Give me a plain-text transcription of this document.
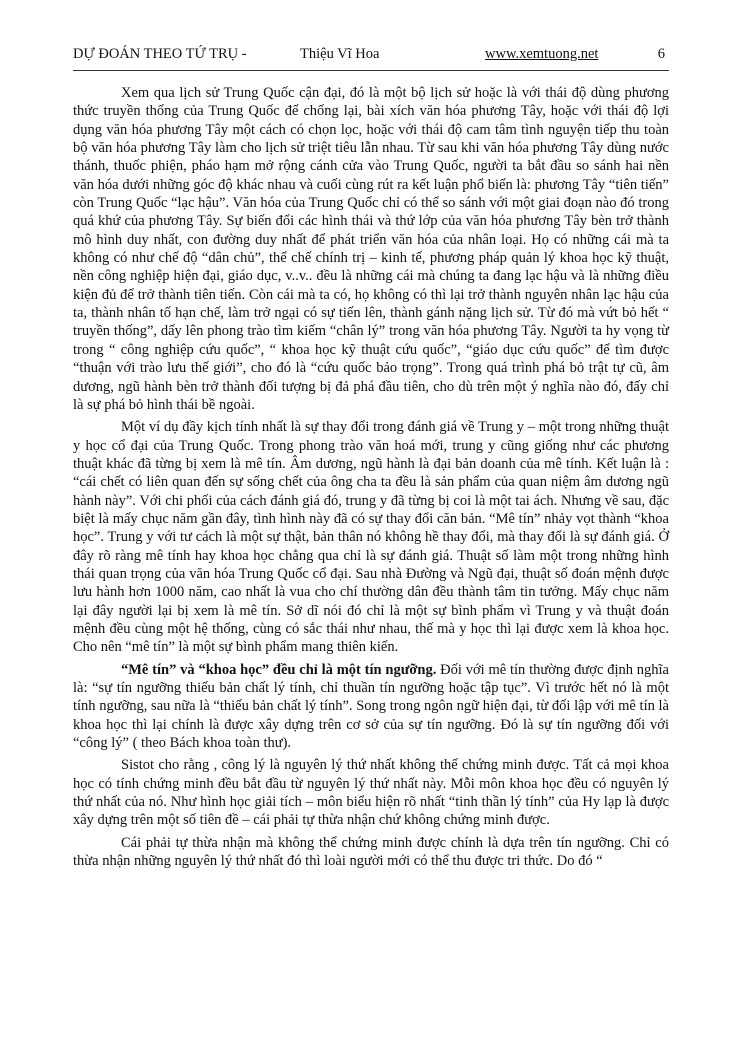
DỰ ĐOÁN THEO TỨ TRỤ -	Thiệu Vĩ Hoa	www.xemtuong.net	6

Xem qua lịch sử Trung Quốc cận đại, đó là một bộ lịch sử hoặc là với thái độ dùng phương thức truyền thống của Trung Quốc để chống lại, bài xích văn hóa phương Tây, hoặc với thái độ lợi dụng văn hóa phương Tây một cách có chọn lọc, hoặc với thái độ cam tâm tình nguyện tiếp thu toàn bộ văn hóa phương Tây làm cho lịch sử triệt tiêu lẫn nhau. Từ sau khi văn hóa phương Tây dùng nước thánh, thuốc phiện, pháo hạm mở rộng cánh cửa vào Trung Quốc, người ta bắt đầu so sánh hai nền văn hóa dưới những góc độ khác nhau và cuối cùng rút ra kết luận phổ biến là: phương Tây “tiên tiến” còn Trung Quốc “lạc hậu”. Văn hóa của Trung Quốc chỉ có thể so sánh với một giai đoạn nào đó trong quá khứ của phương Tây. Sự biến đổi các hình thái và thứ lớp của văn hóa phương Tây bèn trở thành mô hình duy nhất, con đường duy nhất để phát triển văn hóa của nhân loại. Họ có những cái mà ta không có như chế độ “dân chủ”, thể chế chính trị – kinh tế, phương pháp quản lý khoa học kỹ thuật, nền công nghiệp hiện đại, giáo dục, v..v.. đều là những cái mà chúng ta đang lạc hậu và là những điều kiện đủ để trở thành tiên tiến. Còn cái mà ta có, họ không có thì lại trở thành nguyên nhân lạc hậu của ta, thành nhân tố hạn chế, làm trở ngại có sự tiến lên, thành gánh nặng lịch sử. Từ đó mà vứt bỏ hết “ truyền thống”, dấy lên phong trào tìm kiếm “chân lý” trong văn hóa phương Tây. Người ta hy vọng từ trong “ công nghiệp cứu quốc”, “ khoa học kỹ thuật cứu quốc”, “giáo dục cứu quốc” để tìm được “thuận với trào lưu thế giới”, cho đó là “cứu quốc bảo trọng”. Trong quá trình phá bỏ trật tự cũ, âm dương, ngũ hành bèn trở thành đối tượng bị đả phá đầu tiên, cho dù trên một ý nghĩa nào đó, đấy chỉ là sự phá bỏ hình thái bề ngoài.

Một ví dụ đầy kịch tính nhất là sự thay đổi trong đánh giá về Trung y – một trong những thuật y học cổ đại của Trung Quốc. Trong phong trào văn hoá mới, trung y cũng giống như các phương thuật khác đã từng bị xem là mê tín. Âm dương, ngũ hành là đại bản doanh của mê tính. Kết luận là : “cái chết có liên quan đến sự sống chết của ông cha ta đều là sản phẩm của quan niệm âm dương ngũ hành này”. Với chi phối của cách đánh giá đó, trung y đã từng bị coi là một tai ách. Nhưng về sau, đặc biệt là mấy chục năm gần đây, tình hình này đã có sự thay đổi căn bản. “Mê tín” nhảy vọt thành “khoa học”. Trung y với tư cách là một sự thật, bản thân nó không hề thay đổi, mà thay đổi là sự đánh giá. Ở đây rõ ràng mê tính hay khoa học chẳng qua chỉ là sự đánh giá. Thuật số làm một trong những hình thái quan trọng của văn hóa Trung Quốc cổ đại. Sau nhà Đường và Ngũ đại, thuật số đoán mệnh được lưu hành hơn 1000 năm, cao nhất là vua cho chí thường dân đều thành tâm tin tưởng. Mấy chục năm lại đây người lại bị xem là mê tín. Sở dĩ nói đó chỉ là một sự bình phẩm vì Trung y và thuật đoán mệnh đều cùng một hệ thống, cùng có sắc thái như nhau, thế mà y học thì lại được xem là khoa học. Cho nên “mê tín” là một sự bình phẩm mang thiên kiến.

“Mê tín” và “khoa học” đều chỉ là một tín ngưỡng. Đối với mê tín thường được định nghĩa là: “sự tín ngưỡng thiếu bản chất lý tính, chỉ thuần tín ngưỡng hoặc tập tục”. Vì trước hết nó là một tính ngưỡng, sau nữa là “thiếu bản chất lý tính”. Song trong ngôn ngữ hiện đại, từ đối lập với mê tín là khoa học thì lại chính là được xây dựng trên cơ sở của sự tín ngưỡng. Đó là sự tín ngưỡng đối với “công lý” ( theo Bách khoa toàn thư).

Sistot cho rằng , công lý là nguyên lý thứ nhất không thể chứng minh được. Tất cả mọi khoa học có tính chứng minh đều bắt đầu từ nguyên lý thứ nhất này. Mỗi môn khoa học đều có nguyên lý thứ nhất của nó. Như hình học giải tích – môn biểu hiện rõ nhất “tinh thần lý tính” của Hy lạp là được xây dựng trên một số tiên đề – cái phải tự thừa nhận chứ không chứng minh được.

Cái phải tự thừa nhận mà không thể chứng minh được chính là dựa trên tín ngưỡng. Chỉ có thừa nhận những nguyên lý thứ nhất đó thì loài người mới có thể thu được tri thức. Do đó “
